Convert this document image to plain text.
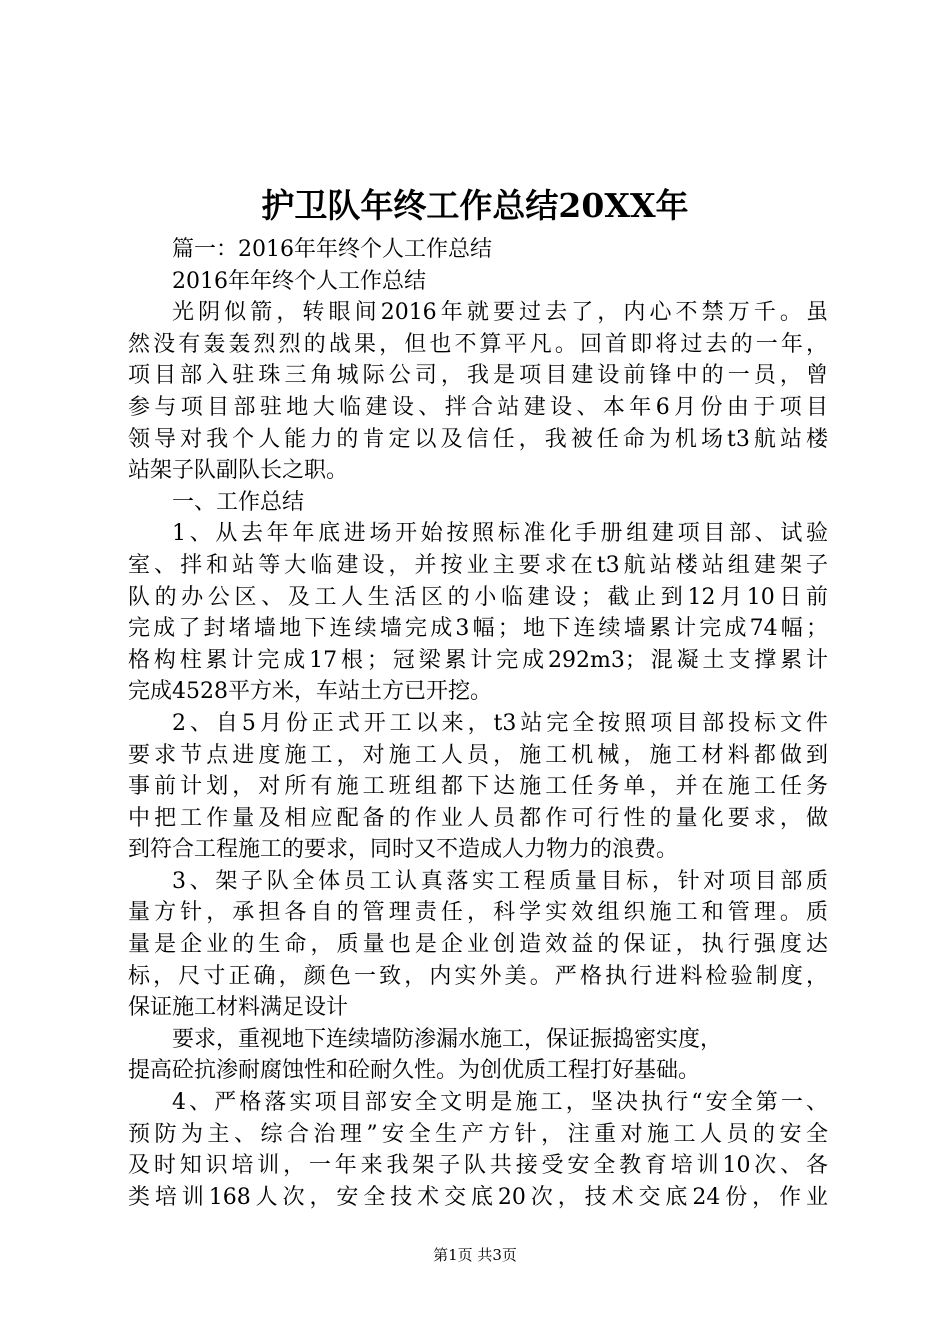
护卫队年终工作总结20XX年
篇一：2016年年终个人工作总结
2016年年终个人工作总结
光阴似箭，转眼间2016年就要过去了，内心不禁万千。虽
然没有轰轰烈烈的战果，但也不算平凡。回首即将过去的一年，
项目部入驻珠三角城际公司，我是项目建设前锋中的一员，曾
参与项目部驻地大临建设、拌合站建设、本年6月份由于项目
领导对我个人能力的肯定以及信任，我被任命为机场t3航站楼
站架子队副队长之职。
一、工作总结
1、从去年年底进场开始按照标准化手册组建项目部、试验
室、拌和站等大临建设，并按业主要求在t3航站楼站组建架子
队的办公区、及工人生活区的小临建设；截止到12月10日前
完成了封堵墙地下连续墙完成3幅；地下连续墙累计完成74幅；
格构柱累计完成17根；冠梁累计完成292m3；混凝土支撑累计
完成4528平方米，车站土方已开挖。
2、自5月份正式开工以来，t3站完全按照项目部投标文件
要求节点进度施工，对施工人员，施工机械，施工材料都做到
事前计划，对所有施工班组都下达施工任务单，并在施工任务
中把工作量及相应配备的作业人员都作可行性的量化要求，做
到符合工程施工的要求，同时又不造成人力物力的浪费。
3、架子队全体员工认真落实工程质量目标，针对项目部质
量方针，承担各自的管理责任，科学实效组织施工和管理。质
量是企业的生命，质量也是企业创造效益的保证，执行强度达
标，尺寸正确，颜色一致，内实外美。严格执行进料检验制度，
保证施工材料满足设计
要求，重视地下连续墙防渗漏水施工，保证振捣密实度，
提高砼抗渗耐腐蚀性和砼耐久性。为创优质工程打好基础。
4、严格落实项目部安全文明是施工，坚决执行“安全第一、
预防为主、综合治理”安全生产方针，注重对施工人员的安全
及时知识培训，一年来我架子队共接受安全教育培训10次、各
类培训168人次，安全技术交底20次，技术交底24份，作业
第1页 共3页
